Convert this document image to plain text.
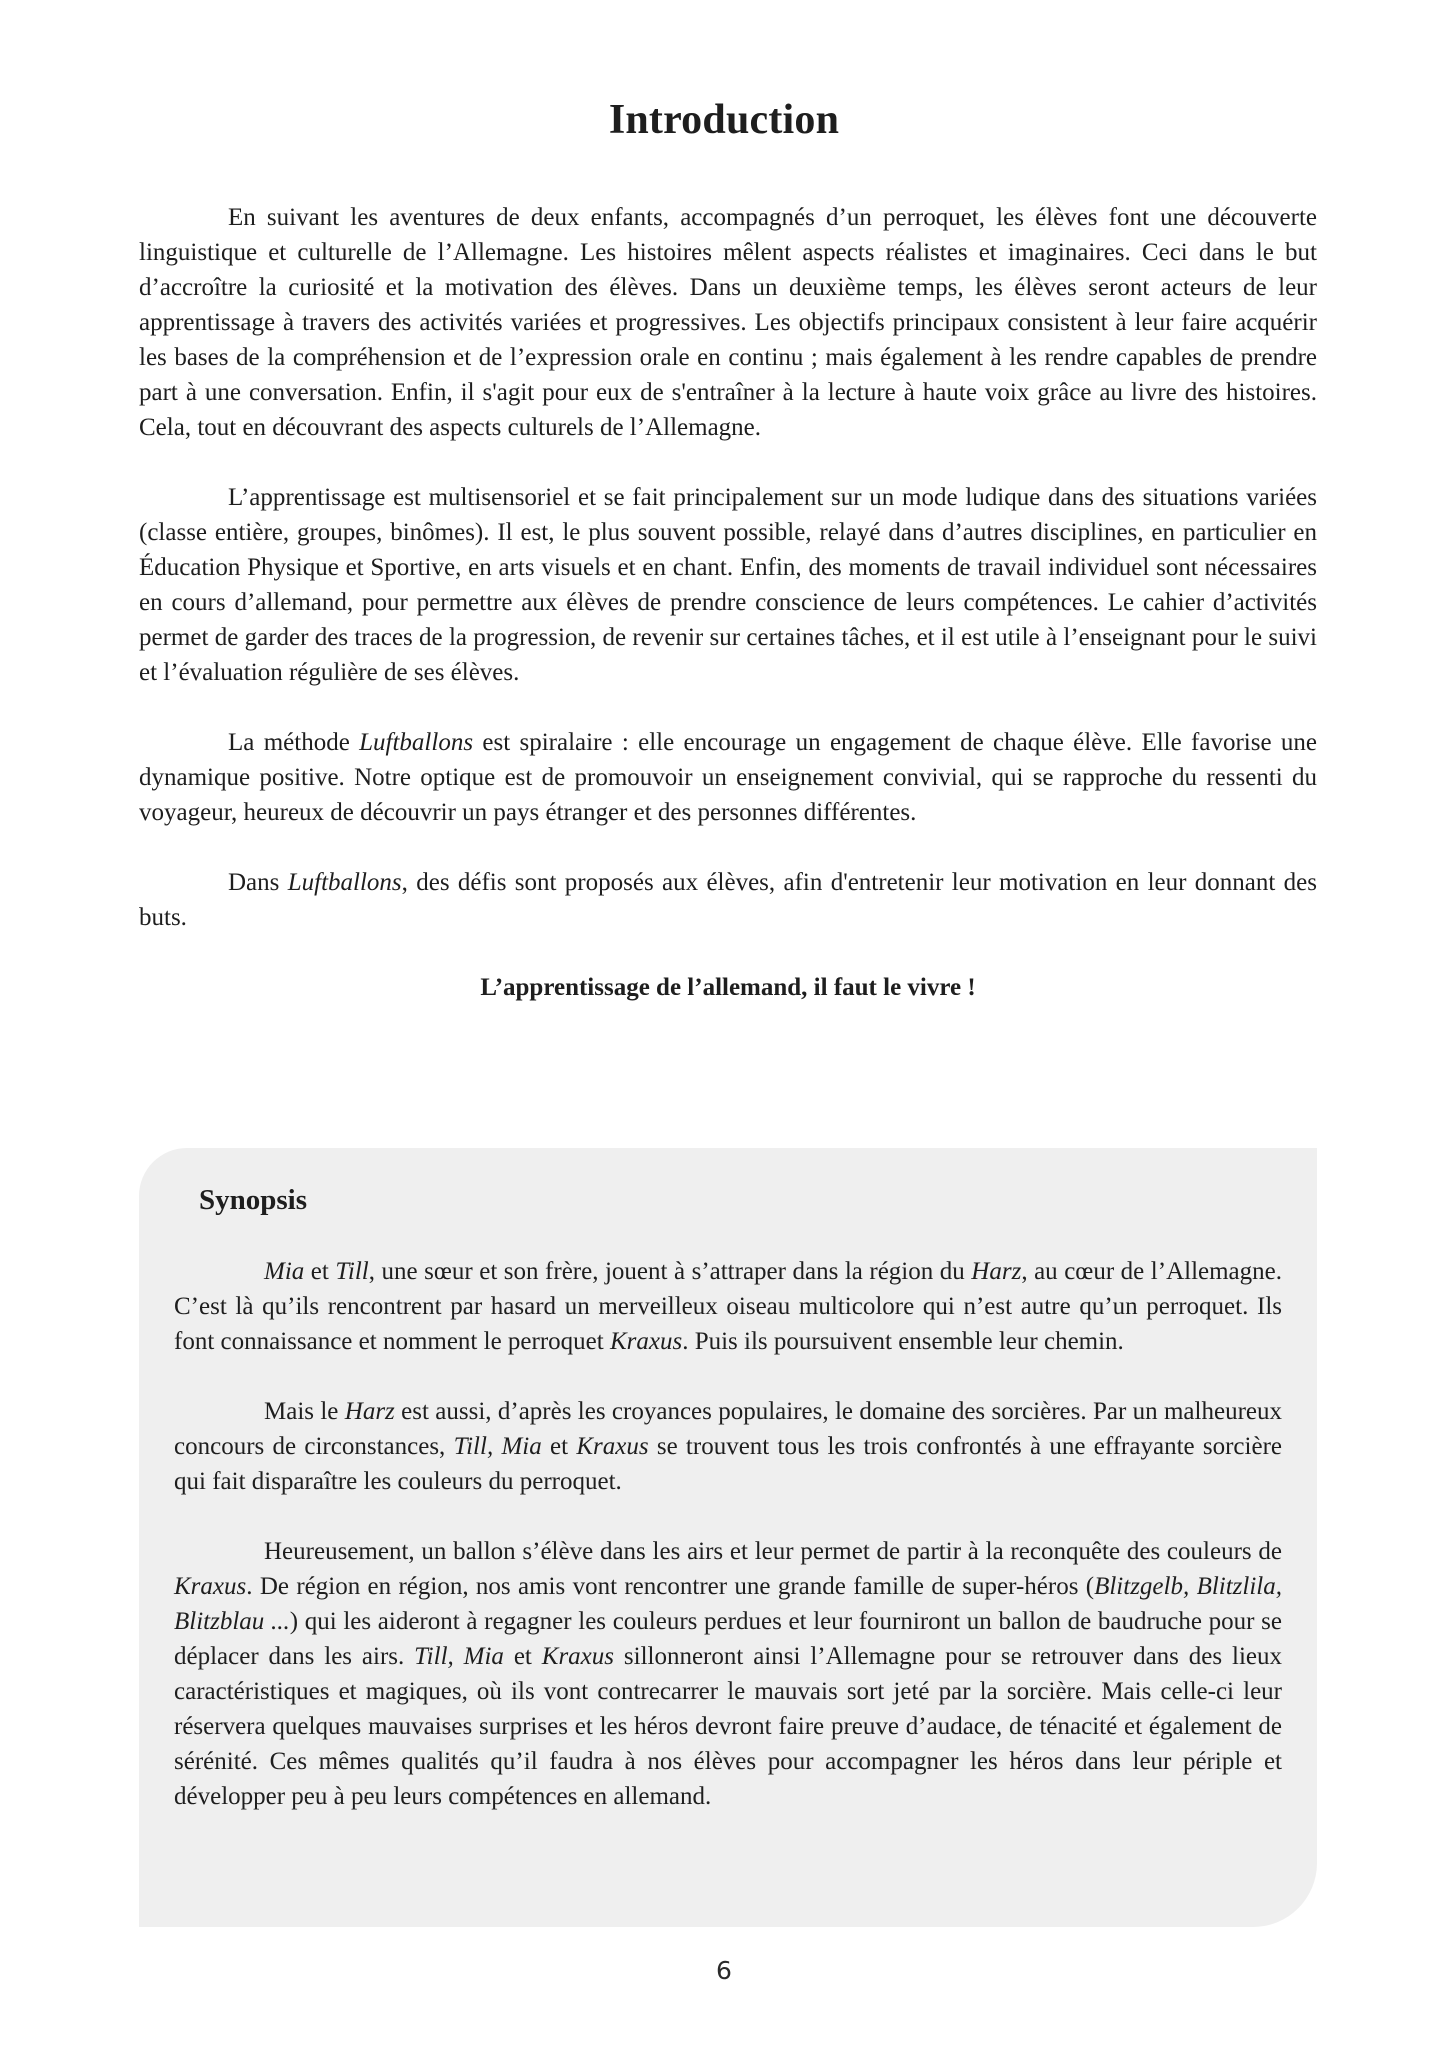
Introduction

En suivant les aventures de deux enfants, accompagnés d’un perroquet, les élèves font une découverte linguistique et culturelle de l’Allemagne. Les histoires mêlent aspects réalistes et imaginaires. Ceci dans le but d’accroître la curiosité et la motivation des élèves. Dans un deuxième temps, les élèves seront acteurs de leur apprentissage à travers des activités variées et progressives. Les objectifs principaux consistent à leur faire acquérir les bases de la compréhension et de l’expression orale en continu ; mais également à les rendre capables de prendre part à une conversation. Enfin, il s'agit pour eux de s'entraîner à la lecture à haute voix grâce au livre des histoires. Cela, tout en découvrant des aspects culturels de l’Allemagne.

L’apprentissage est multisensoriel et se fait principalement sur un mode ludique dans des situations variées (classe entière, groupes, binômes). Il est, le plus souvent possible, relayé dans d’autres disciplines, en particulier en Éducation Physique et Sportive, en arts visuels et en chant. Enfin, des moments de travail individuel sont nécessaires en cours d’allemand, pour permettre aux élèves de prendre conscience de leurs compétences. Le cahier d’activités permet de garder des traces de la progression, de revenir sur certaines tâches, et il est utile à l’enseignant pour le suivi et l’évaluation régulière de ses élèves.

La méthode Luftballons est spiralaire : elle encourage un engagement de chaque élève. Elle favorise une dynamique positive. Notre optique est de promouvoir un enseignement convivial, qui se rapproche du ressenti du voyageur, heureux de découvrir un pays étranger et des personnes différentes.

Dans Luftballons, des défis sont proposés aux élèves, afin d'entretenir leur motivation en leur donnant des buts.

L’apprentissage de l’allemand, il faut le vivre !

Synopsis

Mia et Till, une sœur et son frère, jouent à s’attraper dans la région du Harz, au cœur de l’Allemagne. C’est là qu’ils rencontrent par hasard un merveilleux oiseau multicolore qui n’est autre qu’un perroquet. Ils font connaissance et nomment le perroquet Kraxus. Puis ils poursuivent ensemble leur chemin.

Mais le Harz est aussi, d’après les croyances populaires, le domaine des sorcières. Par un malheureux concours de circonstances, Till, Mia et Kraxus se trouvent tous les trois confrontés à une effrayante sorcière qui fait disparaître les couleurs du perroquet.

Heureusement, un ballon s’élève dans les airs et leur permet de partir à la reconquête des couleurs de Kraxus. De région en région, nos amis vont rencontrer une grande famille de super-héros (Blitzgelb, Blitzlila, Blitzblau ...) qui les aideront à regagner les couleurs perdues et leur fourniront un ballon de baudruche pour se déplacer dans les airs. Till, Mia et Kraxus sillonneront ainsi l’Allemagne pour se retrouver dans des lieux caractéristiques et magiques, où ils vont contrecarrer le mauvais sort jeté par la sorcière. Mais celle-ci leur réservera quelques mauvaises surprises et les héros devront faire preuve d’audace, de ténacité et également de sérénité. Ces mêmes qualités qu’il faudra à nos élèves pour accompagner les héros dans leur périple et développer peu à peu leurs compétences en allemand.

6
